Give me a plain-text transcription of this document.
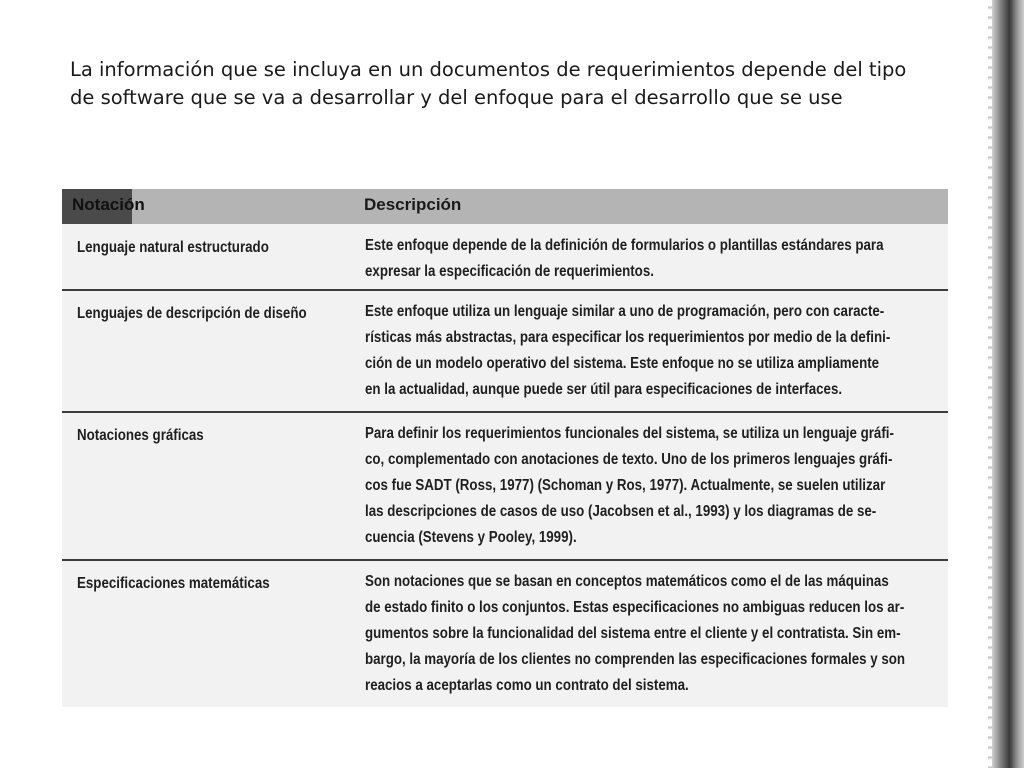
La información que se incluya en un documentos de requerimientos depende del tipo
de software que se va a desarrollar y del enfoque para el desarrollo que se use
Notación	Descripción
Lenguaje natural estructurado	Este enfoque depende de la definición de formularios o plantillas estándares para
expresar la especificación de requerimientos.
Lenguajes de descripción de diseño	Este enfoque utiliza un lenguaje similar a uno de programación, pero con caracte-
rísticas más abstractas, para especificar los requerimientos por medio de la defini-
ción de un modelo operativo del sistema. Este enfoque no se utiliza ampliamente
en la actualidad, aunque puede ser útil para especificaciones de interfaces.
Notaciones gráficas	Para definir los requerimientos funcionales del sistema, se utiliza un lenguaje gráfi-
co, complementado con anotaciones de texto. Uno de los primeros lenguajes gráfi-
cos fue SADT (Ross, 1977) (Schoman y Ros, 1977). Actualmente, se suelen utilizar
las descripciones de casos de uso (Jacobsen et al., 1993) y los diagramas de se-
cuencia (Stevens y Pooley, 1999).
Especificaciones matemáticas	Son notaciones que se basan en conceptos matemáticos como el de las máquinas
de estado finito o los conjuntos. Estas especificaciones no ambiguas reducen los ar-
gumentos sobre la funcionalidad del sistema entre el cliente y el contratista. Sin em-
bargo, la mayoría de los clientes no comprenden las especificaciones formales y son
reacios a aceptarlas como un contrato del sistema.
